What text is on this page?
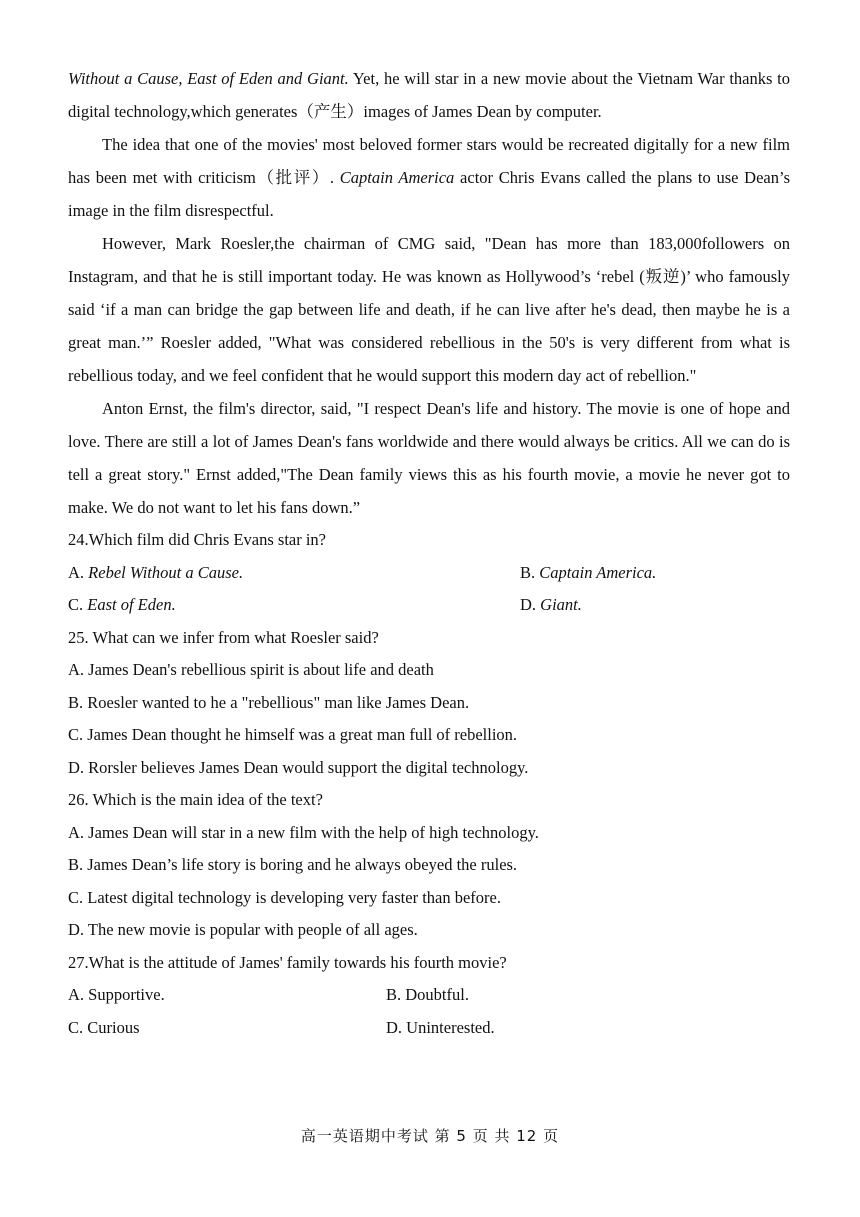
Without a Cause, East of Eden and Giant. Yet, he will star in a new movie about the Vietnam War thanks to digital technology,which generates（产生）images of James Dean by computer.

The idea that one of the movies' most beloved former stars would be recreated digitally for a new film has been met with criticism（批评）. Captain America actor Chris Evans called the plans to use Dean’s image in the film disrespectful.

However, Mark Roesler,the chairman of CMG said, "Dean has more than 183,000followers on Instagram, and that he is still important today. He was known as Hollywood’s ‘rebel (叛逆)’ who famously said ‘if a man can bridge the gap between life and death, if he can live after he's dead, then maybe he is a great man.’” Roesler added, "What was considered rebellious in the 50's is very different from what is rebellious today, and we feel confident that he would support this modern day act of rebellion."

Anton Ernst, the film's director, said, "I respect Dean's life and history. The movie is one of hope and love. There are still a lot of James Dean's fans worldwide and there would always be critics. All we can do is tell a great story." Ernst added,"The Dean family views this as his fourth movie, a movie he never got to make. We do not want to let his fans down.”

24.Which film did Chris Evans star in?

A. Rebel Without a Cause.	B. Captain America.

C. East of Eden.	D. Giant.

25. What can we infer from what Roesler said?

A. James Dean's rebellious spirit is about life and death

B. Roesler wanted to he a "rebellious" man like James Dean.

C. James Dean thought he himself was a great man full of rebellion.

D. Rorsler believes James Dean would support the digital technology.

26. Which is the main idea of the text?

A. James Dean will star in a new film with the help of high technology.

B. James Dean’s life story is boring and he always obeyed the rules.

C. Latest digital technology is developing very faster than before.

D. The new movie is popular with people of all ages.

27.What is the attitude of James' family towards his fourth movie?

A. Supportive.	B. Doubtful.

C. Curious	D. Uninterested.

高一英语期中考试 第 5 页 共 12 页
